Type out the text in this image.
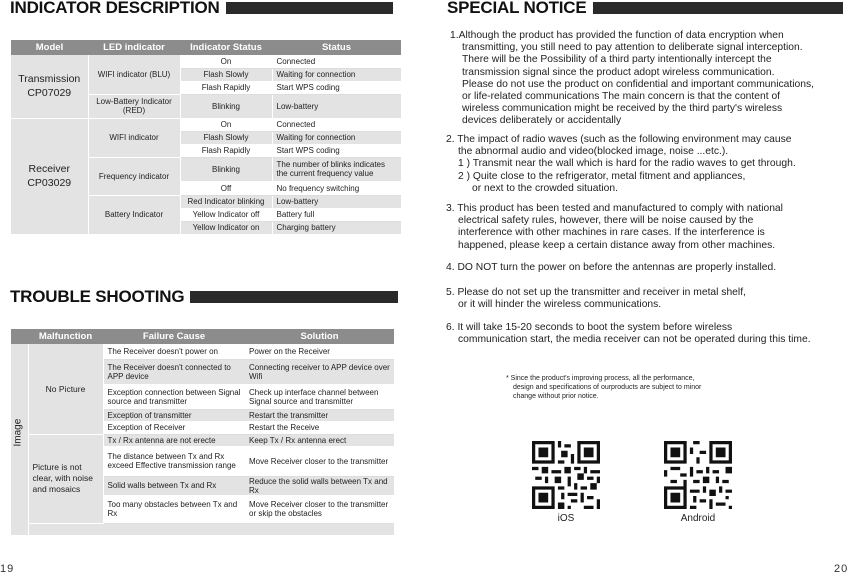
INDICATOR DESCRIPTION
Model	LED indicator	Indicator Status	Status
Transmission
CP07029	WIFI indicator (BLU)	On	Connected
		Flash Slowly	Waiting for connection
		Flash Rapidly	Start WPS coding
	Low-Battery Indicator (RED)	Blinking	Low-battery
Receiver
CP03029	WIFI indicator	On	Connected
		Flash Slowly	Waiting for connection
		Flash Rapidly	Start WPS coding
	Frequency indicator	Blinking	The number of blinks indicates the current frequency value
		Off	No frequency switching
	Battery Indicator	Red Indicator blinking	Low-battery
		Yellow Indicator off	Battery full
		Yellow Indicator on	Charging battery
TROUBLE SHOOTING
	Malfunction	Failure Cause	Solution

Image	No Picture	The Receiver doesn't power on	Power on the Receiver
		The Receiver doesn't connected to APP device	Connecting receiver to APP device over Wifi
		Exception connection between Signal source and transmitter	Check up interface channel between Signal source and transmitter
		Exception of transmitter	Restart the transmitter
		Exception of Receiver	Restart the Receive
	Picture is not clear, with noise and mosaics	Tx / Rx antenna are not erecte	Keep Tx / Rx antenna erect
		The distance between Tx and Rx exceed Effective transmission range	Move Receiver closer to the transmitter
		Solid walls between Tx and Rx	Reduce the solid walls between Tx and Rx
		Too many obstacles between Tx and Rx	Move Receiver closer to the transmitter or skip the obstacles

19
SPECIAL NOTICE
1.Although the product has provided the function of data encryption when
transmitting, you still need to pay attention to deliberate signal interception.
There will be the Possibility of a third party intentionally intercept the
transmission signal since the product adopt wireless communication.
Please do not use the product on confidential and important communications,
or life-related communications The main concern is that the content of
wireless communication might be received by the third party's wireless
devices deliberately or accidentally
2. The impact of radio waves (such as the following environment may cause
the abnormal audio and video(blocked image, noise ...etc.).
1 ) Transmit near the wall which is hard for the radio waves to get through.
2 ) Quite close to the refrigerator, metal fitment and appliances,
or next to the crowded situation.
3. This product has been tested and manufactured to comply with national
electrical safety rules, however, there will be noise caused by the
interference with other machines in rare cases. If the interference is
happened, please keep a certain distance away from other machines.
4. DO NOT turn the power on before the antennas are properly installed.
5. Please do not set up the transmitter and receiver in metal shelf,
or it will hinder the wireless communications.
6. It will take 15-20 seconds to boot the system before wireless
communication start, the media receiver can not be operated during this time.
* Since the product's improving process, all the performance,
design and specifications of ourproducts are subject to minor
change without prior notice.
iOS	Android
20
